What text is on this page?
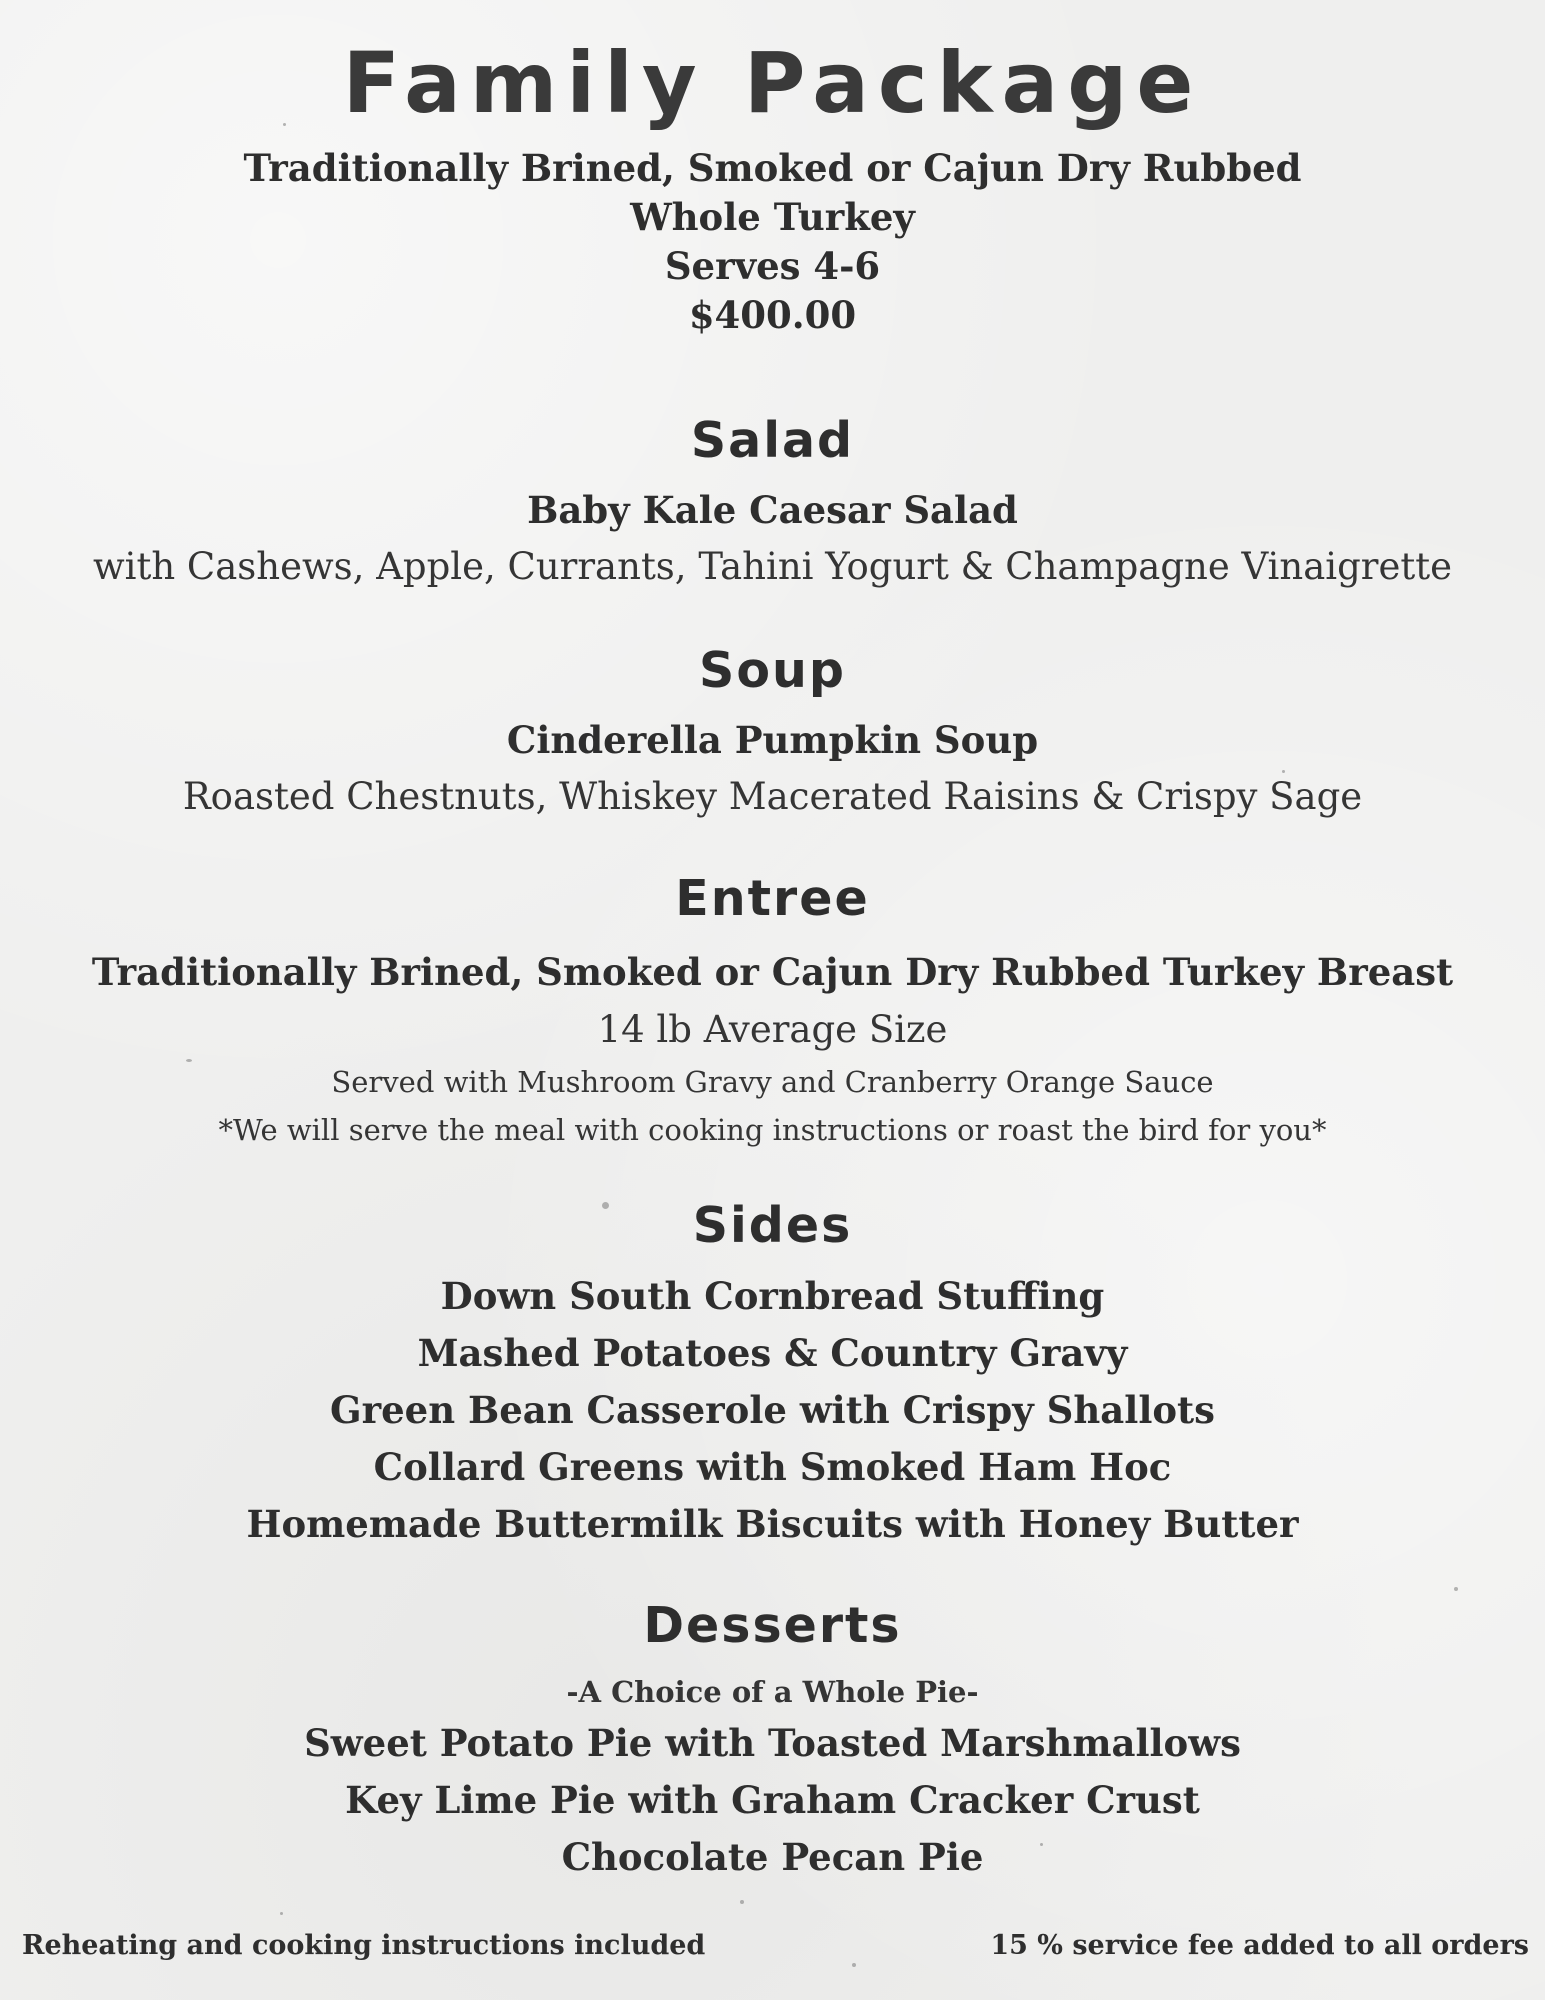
Family Package
Traditionally Brined, Smoked or Cajun Dry Rubbed
Whole Turkey
Serves 4-6
$400.00
Salad

Baby Kale Caesar Salad

with Cashews, Apple, Currants, Tahini Yogurt & Champagne Vinaigrette

Soup

Cinderella Pumpkin Soup

Roasted Chestnuts, Whiskey Macerated Raisins & Crispy Sage

Entree

Traditionally Brined, Smoked or Cajun Dry Rubbed Turkey Breast

14 lb Average Size

Served with Mushroom Gravy and Cranberry Orange Sauce

*We will serve the meal with cooking instructions or roast the bird for you*

Sides
Down South Cornbread Stuffing
Mashed Potatoes & Country Gravy
Green Bean Casserole with Crispy Shallots
Collard Greens with Smoked Ham Hoc
Homemade Buttermilk Biscuits with Honey Butter
Desserts

-A Choice of a Whole Pie-

Sweet Potato Pie with Toasted Marshmallows
Key Lime Pie with Graham Cracker Crust
Chocolate Pecan Pie

Reheating and cooking instructions included	15 % service fee added to all orders
